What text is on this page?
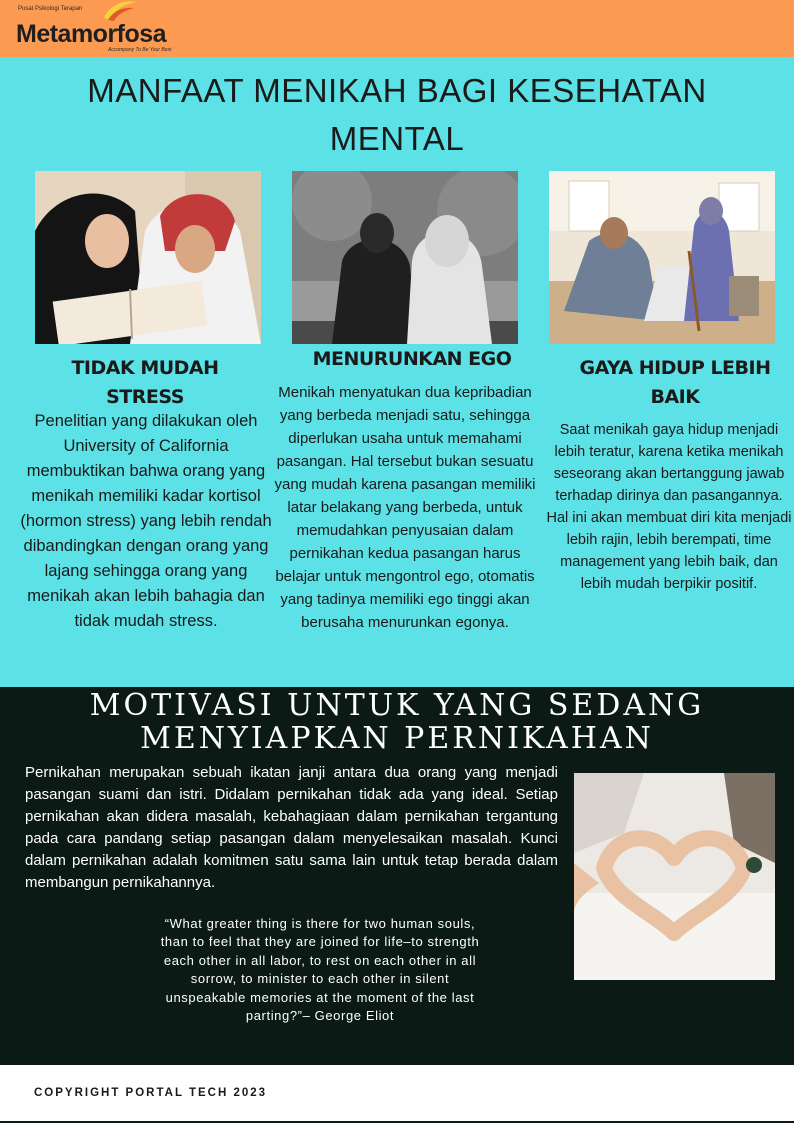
Pusat Psikologi Terapan
Metamorfosa
Accompany To Be Your Best
MANFAAT MENIKAH BAGI KESEHATAN MENTAL
TIDAK MUDAH STRESS
Penelitian yang dilakukan oleh University of California membuktikan bahwa orang yang menikah memiliki kadar kortisol (hormon stress) yang lebih rendah dibandingkan dengan orang yang lajang sehingga orang yang menikah akan lebih bahagia dan tidak mudah stress.
MENURUNKAN EGO
Menikah menyatukan dua kepribadian yang berbeda menjadi satu, sehingga diperlukan usaha untuk memahami pasangan. Hal tersebut bukan sesuatu yang mudah karena pasangan memiliki latar belakang yang berbeda, untuk memudahkan penyusaian dalam pernikahan kedua pasangan harus belajar untuk mengontrol ego, otomatis yang tadinya memiliki ego tinggi akan berusaha menurunkan egonya.
GAYA HIDUP LEBIH BAIK
Saat menikah gaya hidup menjadi lebih teratur, karena ketika menikah seseorang akan bertanggung jawab terhadap dirinya dan pasangannya. Hal ini akan membuat diri kita menjadi lebih rajin, lebih berempati, time management yang lebih baik, dan lebih mudah berpikir positif.
MOTIVASI UNTUK YANG SEDANG MENYIAPKAN PERNIKAHAN
Pernikahan merupakan sebuah ikatan janji antara dua orang yang menjadi pasangan suami dan istri. Didalam pernikahan tidak ada yang ideal. Setiap pernikahan akan didera masalah, kebahagiaan dalam pernikahan tergantung pada cara pandang setiap pasangan dalam menyelesaikan masalah. Kunci dalam pernikahan adalah komitmen satu sama lain untuk tetap berada dalam membangun pernikahannya.
“What greater thing is there for two human souls, than to feel that they are joined for life–to strength each other in all labor, to rest on each other in all sorrow, to minister to each other in silent unspeakable memories at the moment of the last parting?”– George Eliot
COPYRIGHT PORTAL TECH 2023
